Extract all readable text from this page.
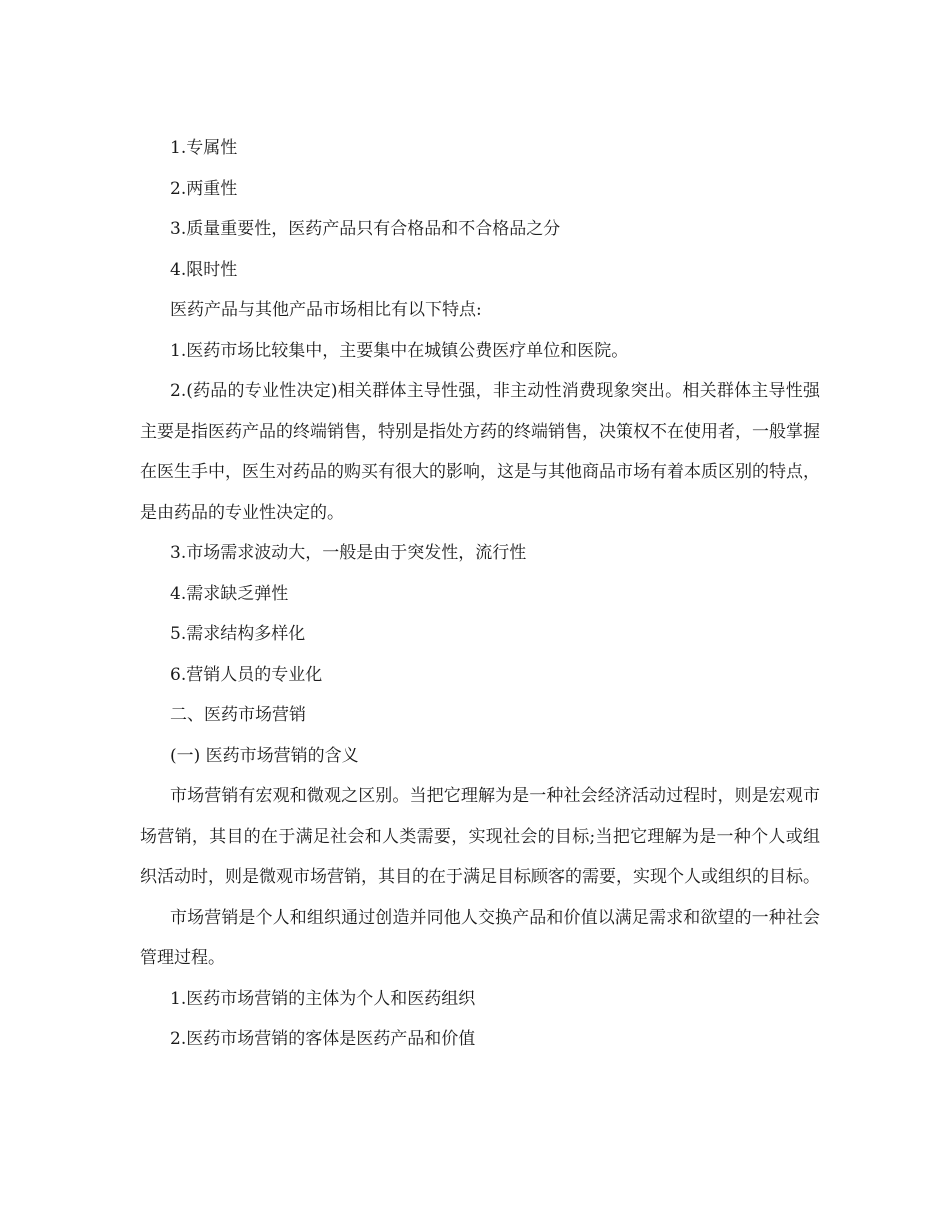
1.专属性

2.两重性

3.质量重要性，医药产品只有合格品和不合格品之分

4.限时性

医药产品与其他产品市场相比有以下特点:

1.医药市场比较集中，主要集中在城镇公费医疗单位和医院。

2.(药品的专业性决定)相关群体主导性强，非主动性消费现象突出。相关群体主导性强主要是指医药产品的终端销售，特别是指处方药的终端销售，决策权不在使用者，一般掌握在医生手中，医生对药品的购买有很大的影响，这是与其他商品市场有着本质区别的特点，是由药品的专业性决定的。

3.市场需求波动大，一般是由于突发性，流行性

4.需求缺乏弹性

5.需求结构多样化

6.营销人员的专业化

二、医药市场营销

(一) 医药市场营销的含义

市场营销有宏观和微观之区别。当把它理解为是一种社会经济活动过程时，则是宏观市场营销，其目的在于满足社会和人类需要，实现社会的目标;当把它理解为是一种个人或组织活动时，则是微观市场营销，其目的在于满足目标顾客的需要，实现个人或组织的目标。

市场营销是个人和组织通过创造并同他人交换产品和价值以满足需求和欲望的一种社会管理过程。

1.医药市场营销的主体为个人和医药组织

2.医药市场营销的客体是医药产品和价值
